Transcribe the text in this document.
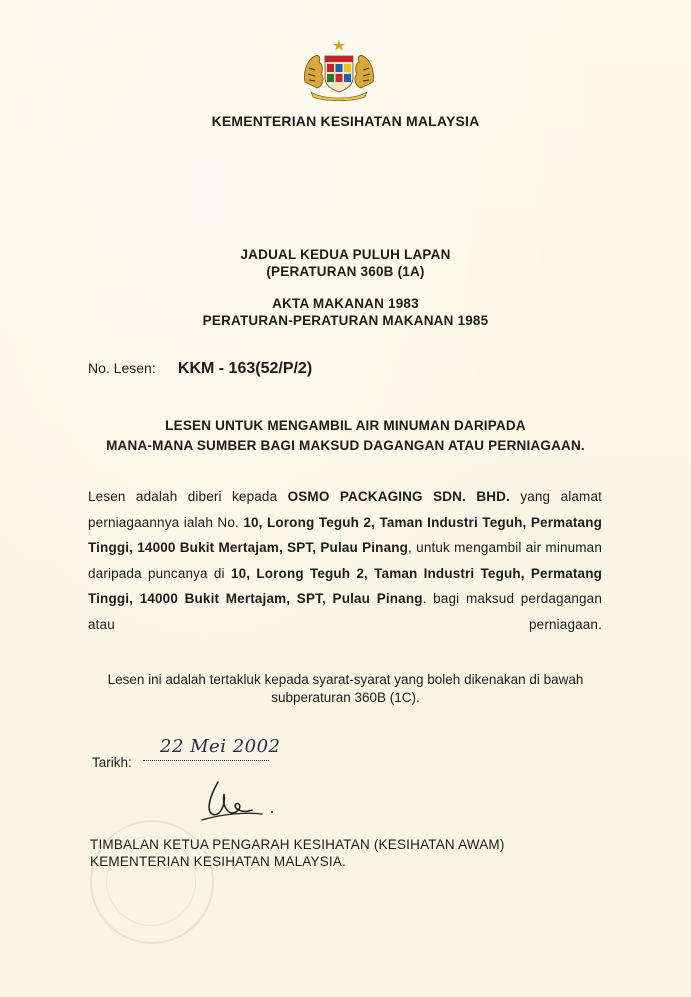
KEMENTERIAN KESIHATAN MALAYSIA
JADUAL KEDUA PULUH LAPAN
(PERATURAN 360B (1A)
AKTA MAKANAN 1983
PERATURAN-PERATURAN MAKANAN 1985
No. Lesen: KKM - 163(52/P/2)
LESEN UNTUK MENGAMBIL AIR MINUMAN DARIPADA
MANA-MANA SUMBER BAGI MAKSUD DAGANGAN ATAU PERNIAGAAN.
Lesen adalah diberi kepada OSMO PACKAGING SDN. BHD. yang alamat perniagaannya ialah No. 10, Lorong Teguh 2, Taman Industri Teguh, Permatang Tinggi, 14000 Bukit Mertajam, SPT, Pulau Pinang, untuk mengambil air minuman daripada puncanya di 10, Lorong Teguh 2, Taman Industri Teguh, Permatang Tinggi, 14000 Bukit Mertajam, SPT, Pulau Pinang. bagi maksud perdagangan atau perniagaan.
Lesen ini adalah tertakluk kepada syarat-syarat yang boleh dikenakan di bawah
subperaturan 360B (1C).
Tarikh:
22 Mei 2002
TIMBALAN KETUA PENGARAH KESIHATAN (KESIHATAN AWAM)
KEMENTERIAN KESIHATAN MALAYSIA.
